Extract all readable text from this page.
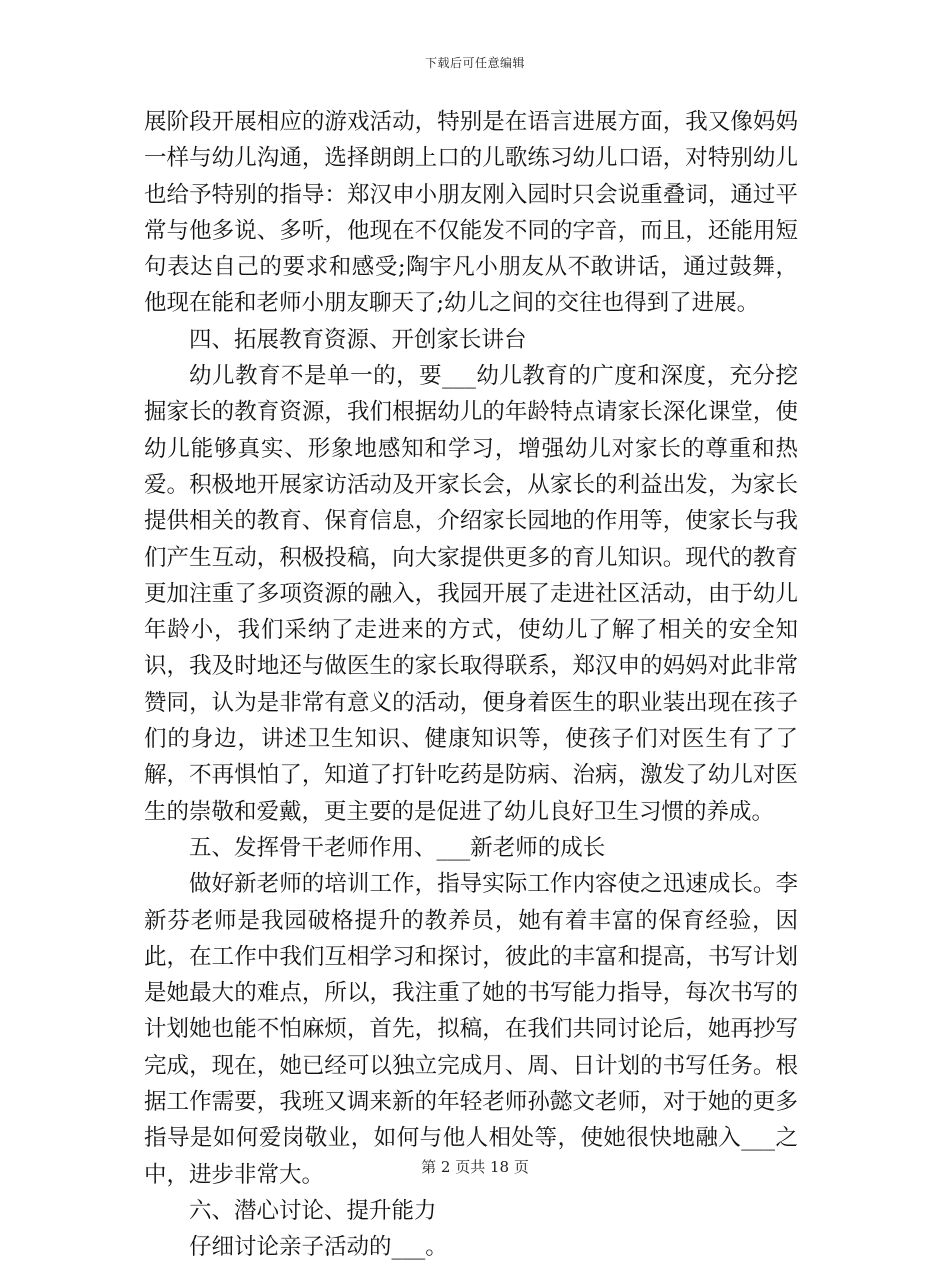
下载后可任意编辑

展阶段开展相应的游戏活动，特别是在语言进展方面，我又像妈妈一样与幼儿沟通，选择朗朗上口的儿歌练习幼儿口语，对特别幼儿也给予特别的指导：郑汉申小朋友刚入园时只会说重叠词，通过平常与他多说、多听，他现在不仅能发不同的字音，而且，还能用短句表达自己的要求和感受;陶宇凡小朋友从不敢讲话，通过鼓舞，他现在能和老师小朋友聊天了;幼儿之间的交往也得到了进展。

四、拓展教育资源、开创家长讲台

幼儿教育不是单一的，要___幼儿教育的广度和深度，充分挖掘家长的教育资源，我们根据幼儿的年龄特点请家长深化课堂，使幼儿能够真实、形象地感知和学习，增强幼儿对家长的尊重和热爱。积极地开展家访活动及开家长会，从家长的利益出发，为家长提供相关的教育、保育信息，介绍家长园地的作用等，使家长与我们产生互动，积极投稿，向大家提供更多的育儿知识。现代的教育更加注重了多项资源的融入，我园开展了走进社区活动，由于幼儿年龄小，我们采纳了走进来的方式，使幼儿了解了相关的安全知识，我及时地还与做医生的家长取得联系，郑汉申的妈妈对此非常赞同，认为是非常有意义的活动，便身着医生的职业装出现在孩子们的身边，讲述卫生知识、健康知识等，使孩子们对医生有了了解，不再惧怕了，知道了打针吃药是防病、治病，激发了幼儿对医生的崇敬和爱戴，更主要的是促进了幼儿良好卫生习惯的养成。

五、发挥骨干老师作用、___新老师的成长

做好新老师的培训工作，指导实际工作内容使之迅速成长。李新芬老师是我园破格提升的教养员，她有着丰富的保育经验，因此，在工作中我们互相学习和探讨，彼此的丰富和提高，书写计划是她最大的难点，所以，我注重了她的书写能力指导，每次书写的计划她也能不怕麻烦，首先，拟稿，在我们共同讨论后，她再抄写完成，现在，她已经可以独立完成月、周、日计划的书写任务。根据工作需要，我班又调来新的年轻老师孙懿文老师，对于她的更多指导是如何爱岗敬业，如何与他人相处等，使她很快地融入___之中，进步非常大。

六、潜心讨论、提升能力

仔细讨论亲子活动的___。

第 2 页共 18 页
